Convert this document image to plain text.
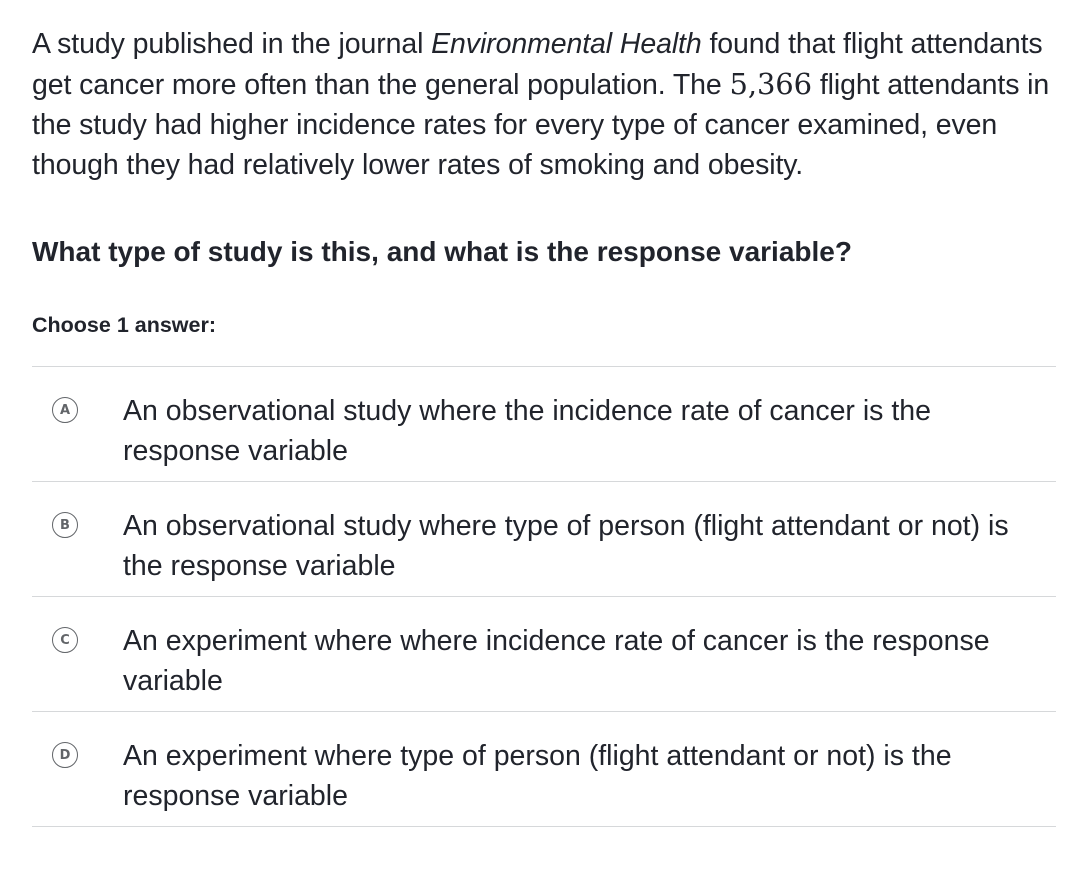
A study published in the journal Environmental Health found that flight attendants get cancer more often than the general population. The 5,366 flight attendants in the study had higher incidence rates for every type of cancer examined, even though they had relatively lower rates of smoking and obesity.

What type of study is this, and what is the response variable?

Choose 1 answer:

A An observational study where the incidence rate of cancer is the response variable
B An observational study where type of person (flight attendant or not) is the response variable
C An experiment where where incidence rate of cancer is the response variable
D An experiment where type of person (flight attendant or not) is the response variable
